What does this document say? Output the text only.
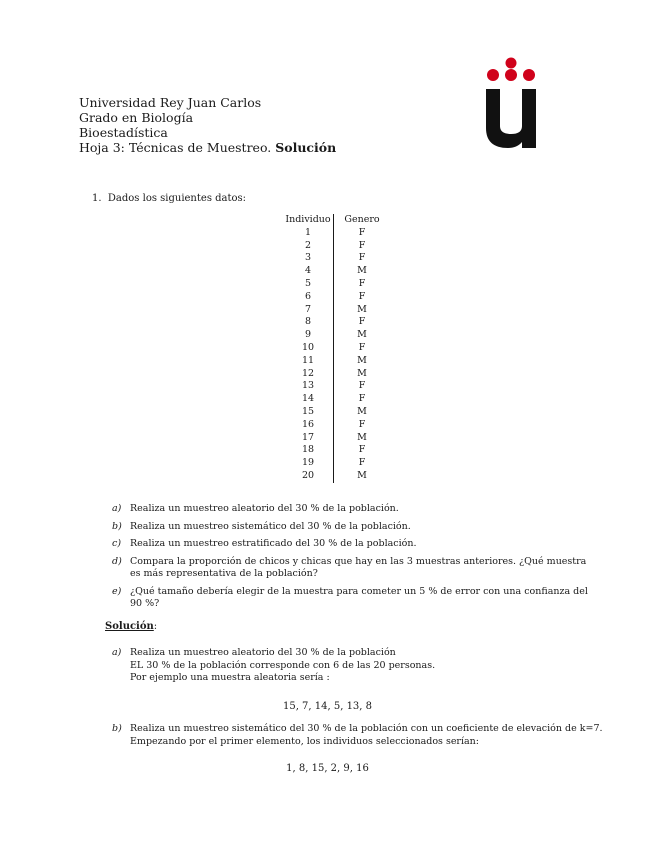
Universidad Rey Juan Carlos
Grado en Biología
Bioestadística
Hoja 3: Técnicas de Muestreo. Solución
1. Dados los siguientes datos:
Individuo	Genero
1	F
2	F
3	F
4	M
5	F
6	F
7	M
8	F
9	M
10	F
11	M
12	M
13	F
14	F
15	M
16	F
17	M
18	F
19	F
20	M
a) Realiza un muestreo aleatorio del 30 % de la población.
b) Realiza un muestreo sistemático del 30 % de la población.
c) Realiza un muestreo estratificado del 30 % de la población.
d) Compara la proporción de chicos y chicas que hay en las 3 muestras anteriores. ¿Qué muestra es más representativa de la población?
e) ¿Qué tamaño debería elegir de la muestra para cometer un 5 % de error con una confianza del 90 %?
Solución:
a) Realiza un muestreo aleatorio del 30 % de la población
EL 30 % de la población corresponde con 6 de las 20 personas.
Por ejemplo una muestra aleatoria sería :
15, 7, 14, 5, 13, 8
b) Realiza un muestreo sistemático del 30 % de la población con un coeficiente de elevación de k=7.
Empezando por el primer elemento, los individuos seleccionados serían:
1, 8, 15, 2, 9, 16
